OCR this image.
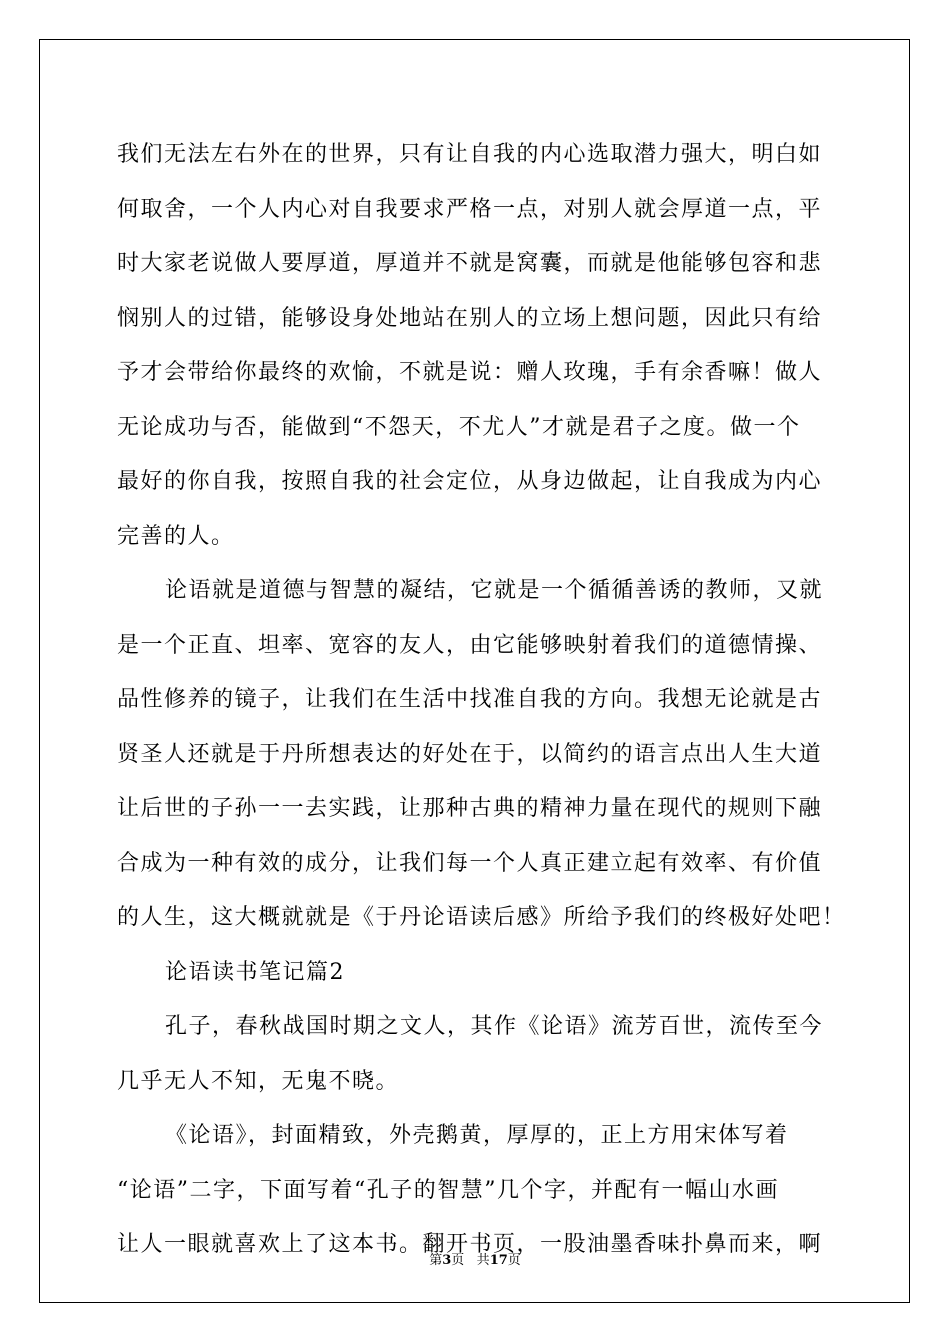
我们无法左右外在的世界，只有让自我的内心选取潜力强大，明白如
何取舍，一个人内心对自我要求严格一点，对别人就会厚道一点，平
时大家老说做人要厚道，厚道并不就是窝囊，而就是他能够包容和悲
悯别人的过错，能够设身处地站在别人的立场上想问题，因此只有给
予才会带给你最终的欢愉，不就是说：赠人玫瑰，手有余香嘛！做人
无论成功与否，能做到“不怨天，不尤人”才就是君子之度。做一个
最好的你自我，按照自我的社会定位，从身边做起，让自我成为内心
完善的人。
论语就是道德与智慧的凝结，它就是一个循循善诱的教师，又就
是一个正直、坦率、宽容的友人，由它能够映射着我们的道德情操、
品性修养的镜子，让我们在生活中找准自我的方向。我想无论就是古
贤圣人还就是于丹所想表达的好处在于，以简约的语言点出人生大道
让后世的子孙一一去实践，让那种古典的精神力量在现代的规则下融
合成为一种有效的成分，让我们每一个人真正建立起有效率、有价值
的人生，这大概就就是《于丹论语读后感》所给予我们的终极好处吧！
论语读书笔记篇2
孔子，春秋战国时期之文人，其作《论语》流芳百世，流传至今
几乎无人不知，无鬼不晓。
《论语》，封面精致，外壳鹅黄，厚厚的，正上方用宋体写着
“论语”二字，下面写着“孔子的智慧”几个字，并配有一幅山水画
让人一眼就喜欢上了这本书。翻开书页，一股油墨香味扑鼻而来，啊
第3页 共17页
